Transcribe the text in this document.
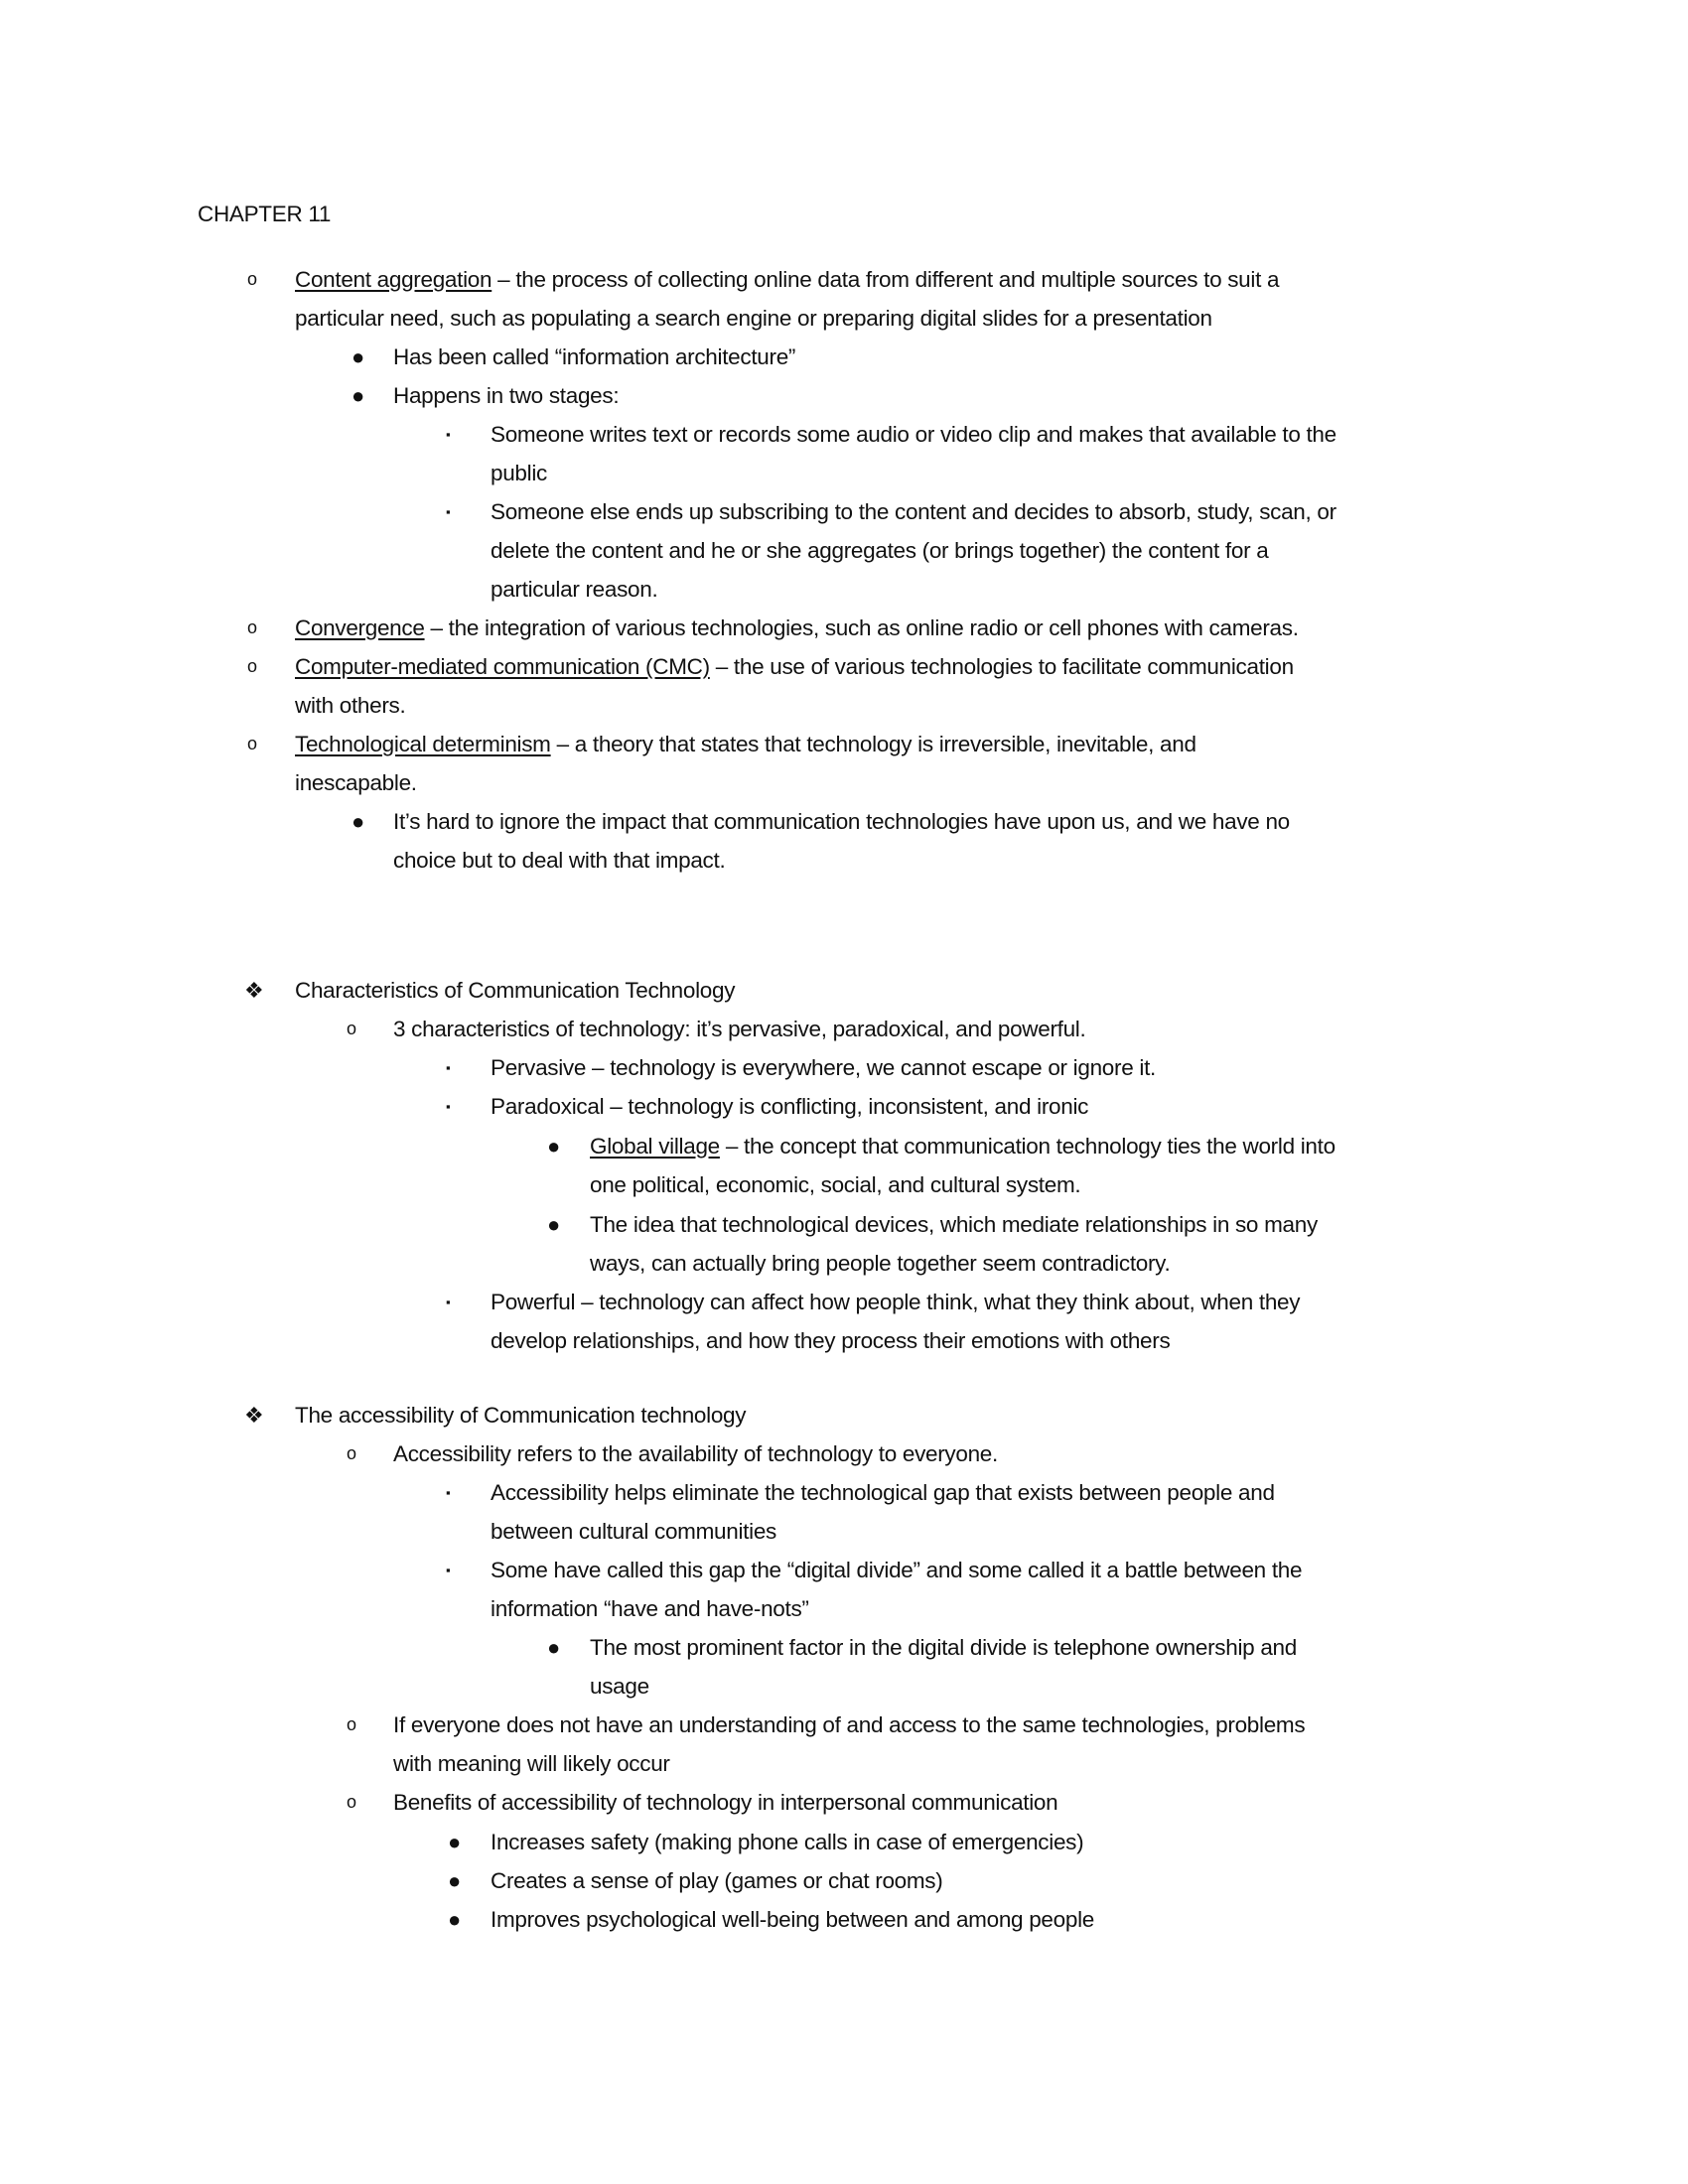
CHAPTER 11
o Content aggregation – the process of collecting online data from different and multiple sources to suit a
particular need, such as populating a search engine or preparing digital slides for a presentation
● Has been called “information architecture”
● Happens in two stages:
▪ Someone writes text or records some audio or video clip and makes that available to the
public
▪ Someone else ends up subscribing to the content and decides to absorb, study, scan, or
delete the content and he or she aggregates (or brings together) the content for a
particular reason.
o Convergence – the integration of various technologies, such as online radio or cell phones with cameras.
o Computer-mediated communication (CMC) – the use of various technologies to facilitate communication
with others.
o Technological determinism – a theory that states that technology is irreversible, inevitable, and
inescapable.
● It’s hard to ignore the impact that communication technologies have upon us, and we have no
choice but to deal with that impact.
❖ Characteristics of Communication Technology
o 3 characteristics of technology: it’s pervasive, paradoxical, and powerful.
▪ Pervasive – technology is everywhere, we cannot escape or ignore it.
▪ Paradoxical – technology is conflicting, inconsistent, and ironic
● Global village – the concept that communication technology ties the world into
one political, economic, social, and cultural system.
● The idea that technological devices, which mediate relationships in so many
ways, can actually bring people together seem contradictory.
▪ Powerful – technology can affect how people think, what they think about, when they
develop relationships, and how they process their emotions with others
❖ The accessibility of Communication technology
o Accessibility refers to the availability of technology to everyone.
▪ Accessibility helps eliminate the technological gap that exists between people and
between cultural communities
▪ Some have called this gap the “digital divide” and some called it a battle between the
information “have and have-nots”
● The most prominent factor in the digital divide is telephone ownership and
usage
o If everyone does not have an understanding of and access to the same technologies, problems
with meaning will likely occur
o Benefits of accessibility of technology in interpersonal communication
● Increases safety (making phone calls in case of emergencies)
● Creates a sense of play (games or chat rooms)
● Improves psychological well-being between and among people
